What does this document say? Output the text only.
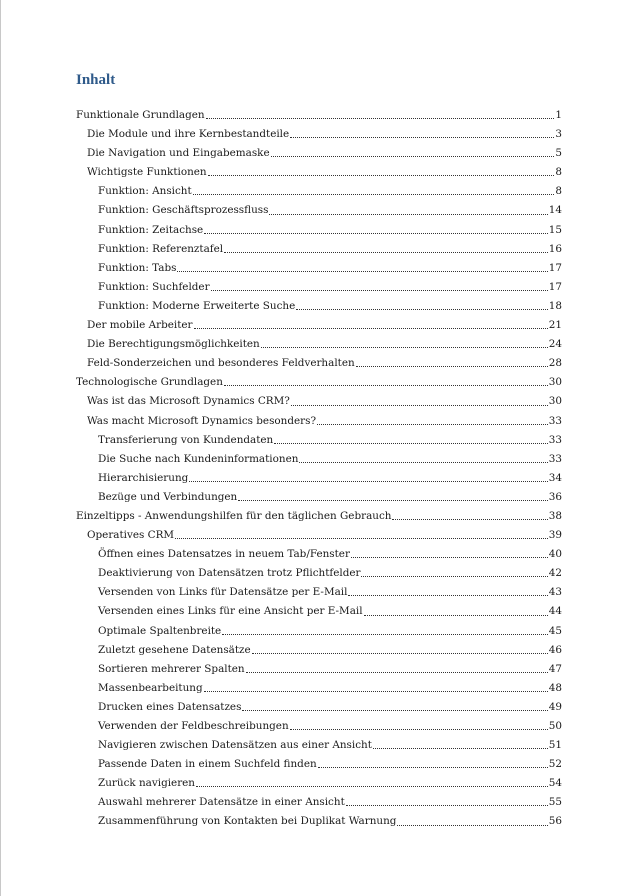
Inhalt
Funktionale Grundlagen	1
Die Module und ihre Kernbestandteile	3
Die Navigation und Eingabemaske	5
Wichtigste Funktionen	8
Funktion: Ansicht	8
Funktion: Geschäftsprozessfluss	14
Funktion: Zeitachse	15
Funktion: Referenztafel	16
Funktion: Tabs	17
Funktion: Suchfelder	17
Funktion: Moderne Erweiterte Suche	18
Der mobile Arbeiter	21
Die Berechtigungsmöglichkeiten	24
Feld-Sonderzeichen und besonderes Feldverhalten	28
Technologische Grundlagen	30
Was ist das Microsoft Dynamics CRM?	30
Was macht Microsoft Dynamics besonders?	33
Transferierung von Kundendaten	33
Die Suche nach Kundeninformationen	33
Hierarchisierung	34
Bezüge und Verbindungen	36
Einzeltipps - Anwendungshilfen für den täglichen Gebrauch	38
Operatives CRM	39
Öffnen eines Datensatzes in neuem Tab/Fenster	40
Deaktivierung von Datensätzen trotz Pflichtfelder	42
Versenden von Links für Datensätze per E-Mail	43
Versenden eines Links für eine Ansicht per E-Mail	44
Optimale Spaltenbreite	45
Zuletzt gesehene Datensätze	46
Sortieren mehrerer Spalten	47
Massenbearbeitung	48
Drucken eines Datensatzes	49
Verwenden der Feldbeschreibungen	50
Navigieren zwischen Datensätzen aus einer Ansicht	51
Passende Daten in einem Suchfeld finden	52
Zurück navigieren	54
Auswahl mehrerer Datensätze in einer Ansicht	55
Zusammenführung von Kontakten bei Duplikat Warnung	56
